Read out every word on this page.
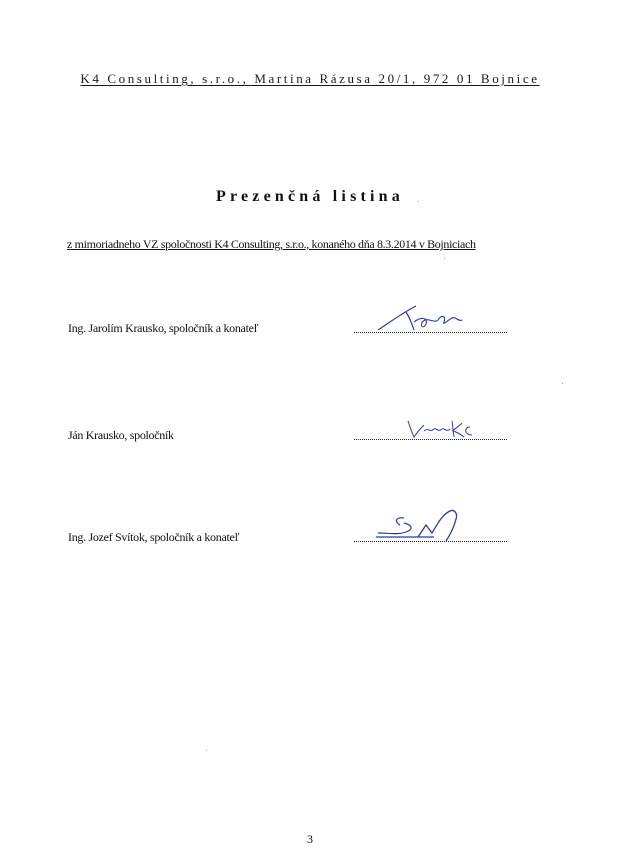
K4 Consulting, s.r.o., Martina Rázusa 20/1, 972 01 Bojnice
Prezenčná listina
z mimoriadneho VZ spoločnosti K4 Consulting, s.r.o., konaného dňa 8.3.2014 v Bojniciach
Ing. Jarolím Krausko, spoločník a konateľ
Ján Krausko, spoločník
Ing. Jozef Svítok, spoločník a konateľ
3
